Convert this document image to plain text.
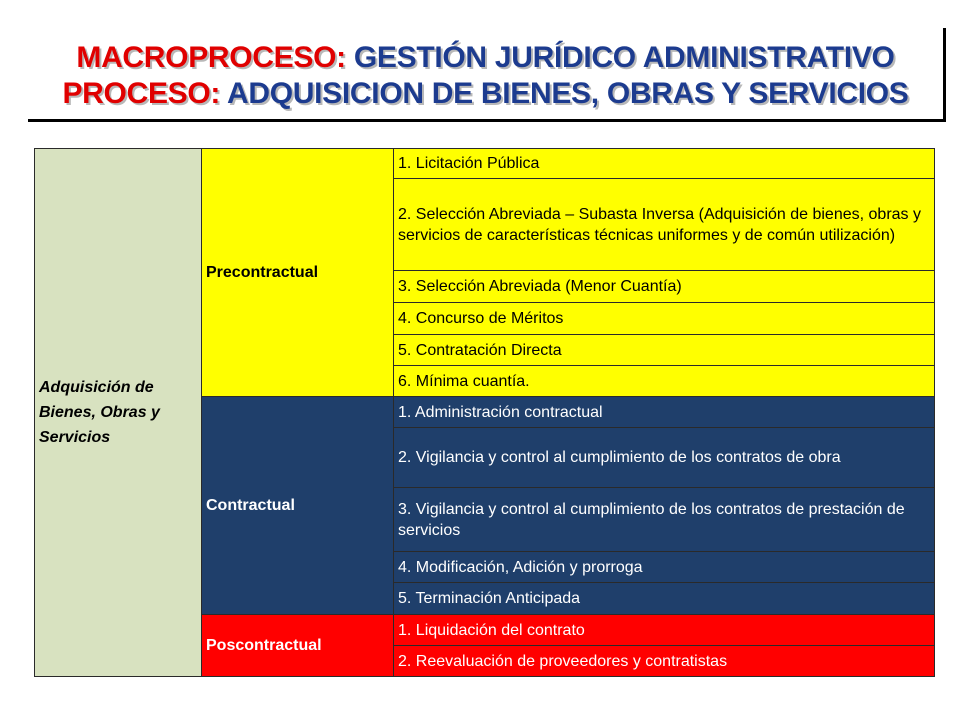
MACROPROCESO: GESTIÓN JURÍDICO ADMINISTRATIVO
PROCESO: ADQUISICION DE BIENES, OBRAS Y SERVICIOS
Adquisición de Bienes, Obras y Servicios	Precontractual	1. Licitación Pública
		2. Selección Abreviada – Subasta Inversa (Adquisición de bienes, obras y servicios de características técnicas uniformes y de común utilización)
		3. Selección Abreviada (Menor Cuantía)
		4. Concurso de Méritos
		5. Contratación Directa
		6. Mínima cuantía.
	Contractual	1. Administración contractual
		2. Vigilancia y control al cumplimiento de los contratos de obra
		3. Vigilancia y control al cumplimiento de los contratos de prestación de servicios
		4. Modificación, Adición y prorroga
		5. Terminación Anticipada
	Poscontractual	1. Liquidación del contrato
		2. Reevaluación de proveedores y contratistas
